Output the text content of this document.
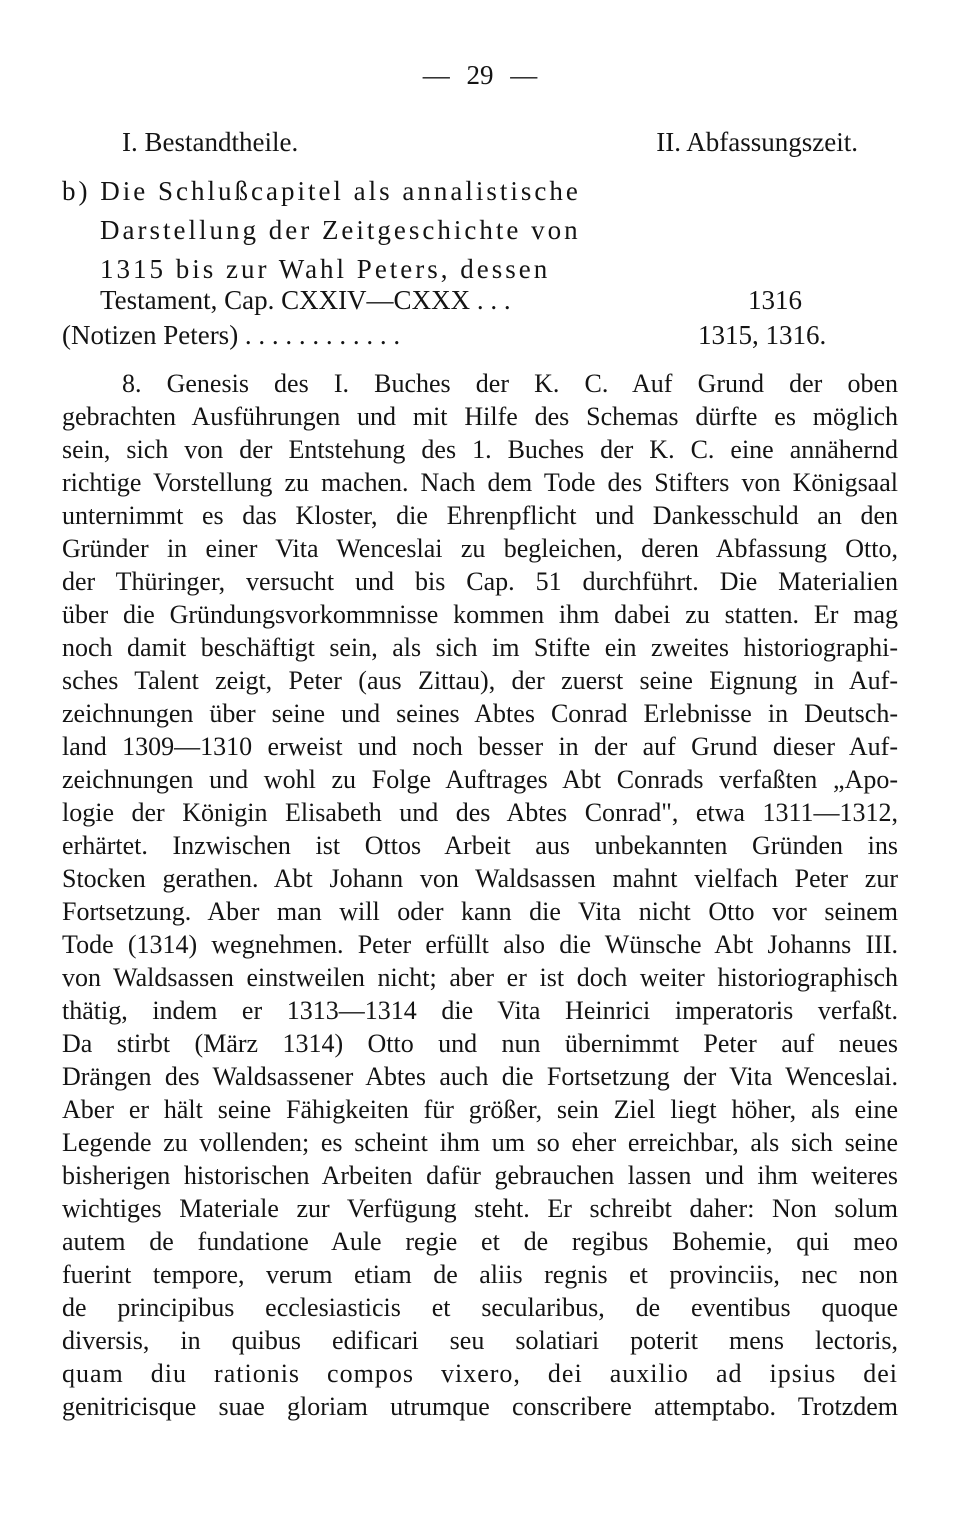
— 29 —
I. Bestandtheile.	II. Abfassungszeit.
b) Die Schlußcapitel als annalistische
Darstellung der Zeitgeschichte von
1315 bis zur Wahl Peters, dessen
Testament, Cap. CXXIV—CXXX . . .	1316
(Notizen Peters) . . . . . . . . . . . .	1315, 1316.
8. Genesis des I. Buches der K. C. Auf Grund der oben
gebrachten Ausführungen und mit Hilfe des Schemas dürfte es möglich
sein, sich von der Entstehung des 1. Buches der K. C. eine annähernd
richtige Vorstellung zu machen. Nach dem Tode des Stifters von Königsaal
unternimmt es das Kloster, die Ehrenpflicht und Dankesschuld an den
Gründer in einer Vita Wenceslai zu begleichen, deren Abfassung Otto,
der Thüringer, versucht und bis Cap. 51 durchführt. Die Materialien
über die Gründungsvorkommnisse kommen ihm dabei zu statten. Er mag
noch damit beschäftigt sein, als sich im Stifte ein zweites historiographi-
sches Talent zeigt, Peter (aus Zittau), der zuerst seine Eignung in Auf-
zeichnungen über seine und seines Abtes Conrad Erlebnisse in Deutsch-
land 1309—1310 erweist und noch besser in der auf Grund dieser Auf-
zeichnungen und wohl zu Folge Auftrages Abt Conrads verfaßten „Apo-
logie der Königin Elisabeth und des Abtes Conrad", etwa 1311—1312,
erhärtet. Inzwischen ist Ottos Arbeit aus unbekannten Gründen ins
Stocken gerathen. Abt Johann von Waldsassen mahnt vielfach Peter zur
Fortsetzung. Aber man will oder kann die Vita nicht Otto vor seinem
Tode (1314) wegnehmen. Peter erfüllt also die Wünsche Abt Johanns III.
von Waldsassen einstweilen nicht; aber er ist doch weiter historiographisch
thätig, indem er 1313—1314 die Vita Heinrici imperatoris verfaßt.
Da stirbt (März 1314) Otto und nun übernimmt Peter auf neues
Drängen des Waldsassener Abtes auch die Fortsetzung der Vita Wenceslai.
Aber er hält seine Fähigkeiten für größer, sein Ziel liegt höher, als eine
Legende zu vollenden; es scheint ihm um so eher erreichbar, als sich seine
bisherigen historischen Arbeiten dafür gebrauchen lassen und ihm weiteres
wichtiges Materiale zur Verfügung steht. Er schreibt daher: Non solum
autem de fundatione Aule regie et de regibus Bohemie, qui meo
fuerint tempore, verum etiam de aliis regnis et provinciis, nec non
de principibus ecclesiasticis et secularibus, de eventibus quoque
diversis, in quibus edificari seu solatiari poterit mens lectoris,
quam diu rationis compos vixero, dei auxilio ad ipsius dei
genitricisque suae gloriam utrumque conscribere attemptabo. Trotzdem
